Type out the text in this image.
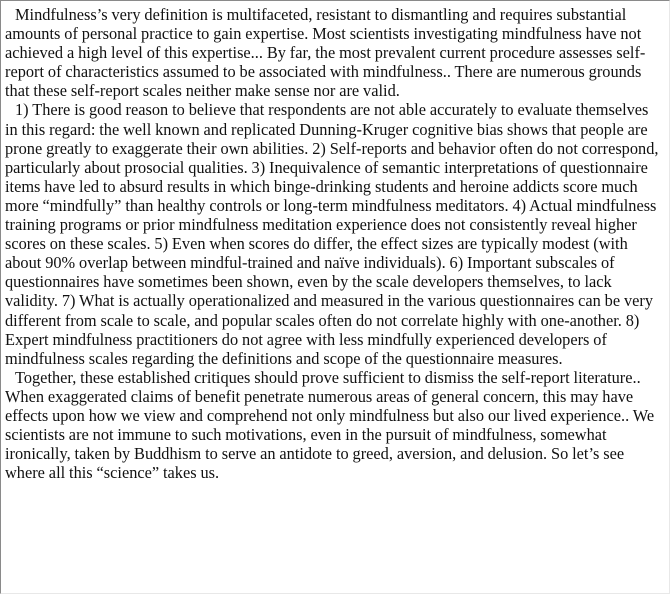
Mindfulness’s very definition is multifaceted, resistant to dismantling and requires substantial amounts of personal practice to gain expertise. Most scientists investigating mindfulness have not achieved a high level of this expertise... By far, the most prevalent current procedure assesses self-report of characteristics assumed to be associated with mindfulness.. There are numerous grounds that these self-report scales neither make sense nor are valid.

1) There is good reason to believe that respondents are not able accurately to evaluate themselves in this regard: the well known and replicated Dunning-Kruger cognitive bias shows that people are prone greatly to exaggerate their own abilities. 2) Self-reports and behavior often do not correspond, particularly about prosocial qualities. 3) Inequivalence of semantic interpretations of questionnaire items have led to absurd results in which binge-drinking students and heroine addicts score much more “mindfully” than healthy controls or long-term mindfulness meditators. 4) Actual mindfulness training programs or prior mindfulness meditation experience does not consistently reveal higher scores on these scales. 5) Even when scores do differ, the effect sizes are typically modest (with about 90% overlap between mindful-trained and naïve individuals). 6) Important subscales of questionnaires have sometimes been shown, even by the scale developers themselves, to lack validity. 7) What is actually operationalized and measured in the various questionnaires can be very different from scale to scale, and popular scales often do not correlate highly with one-another. 8) Expert mindfulness practitioners do not agree with less mindfully experienced developers of mindfulness scales regarding the definitions and scope of the questionnaire measures.

Together, these established critiques should prove sufficient to dismiss the self-report literature.. When exaggerated claims of benefit penetrate numerous areas of general concern, this may have effects upon how we view and comprehend not only mindfulness but also our lived experience.. We scientists are not immune to such motivations, even in the pursuit of mindfulness, somewhat ironically, taken by Buddhism to serve an antidote to greed, aversion, and delusion. So let’s see where all this “science” takes us.
